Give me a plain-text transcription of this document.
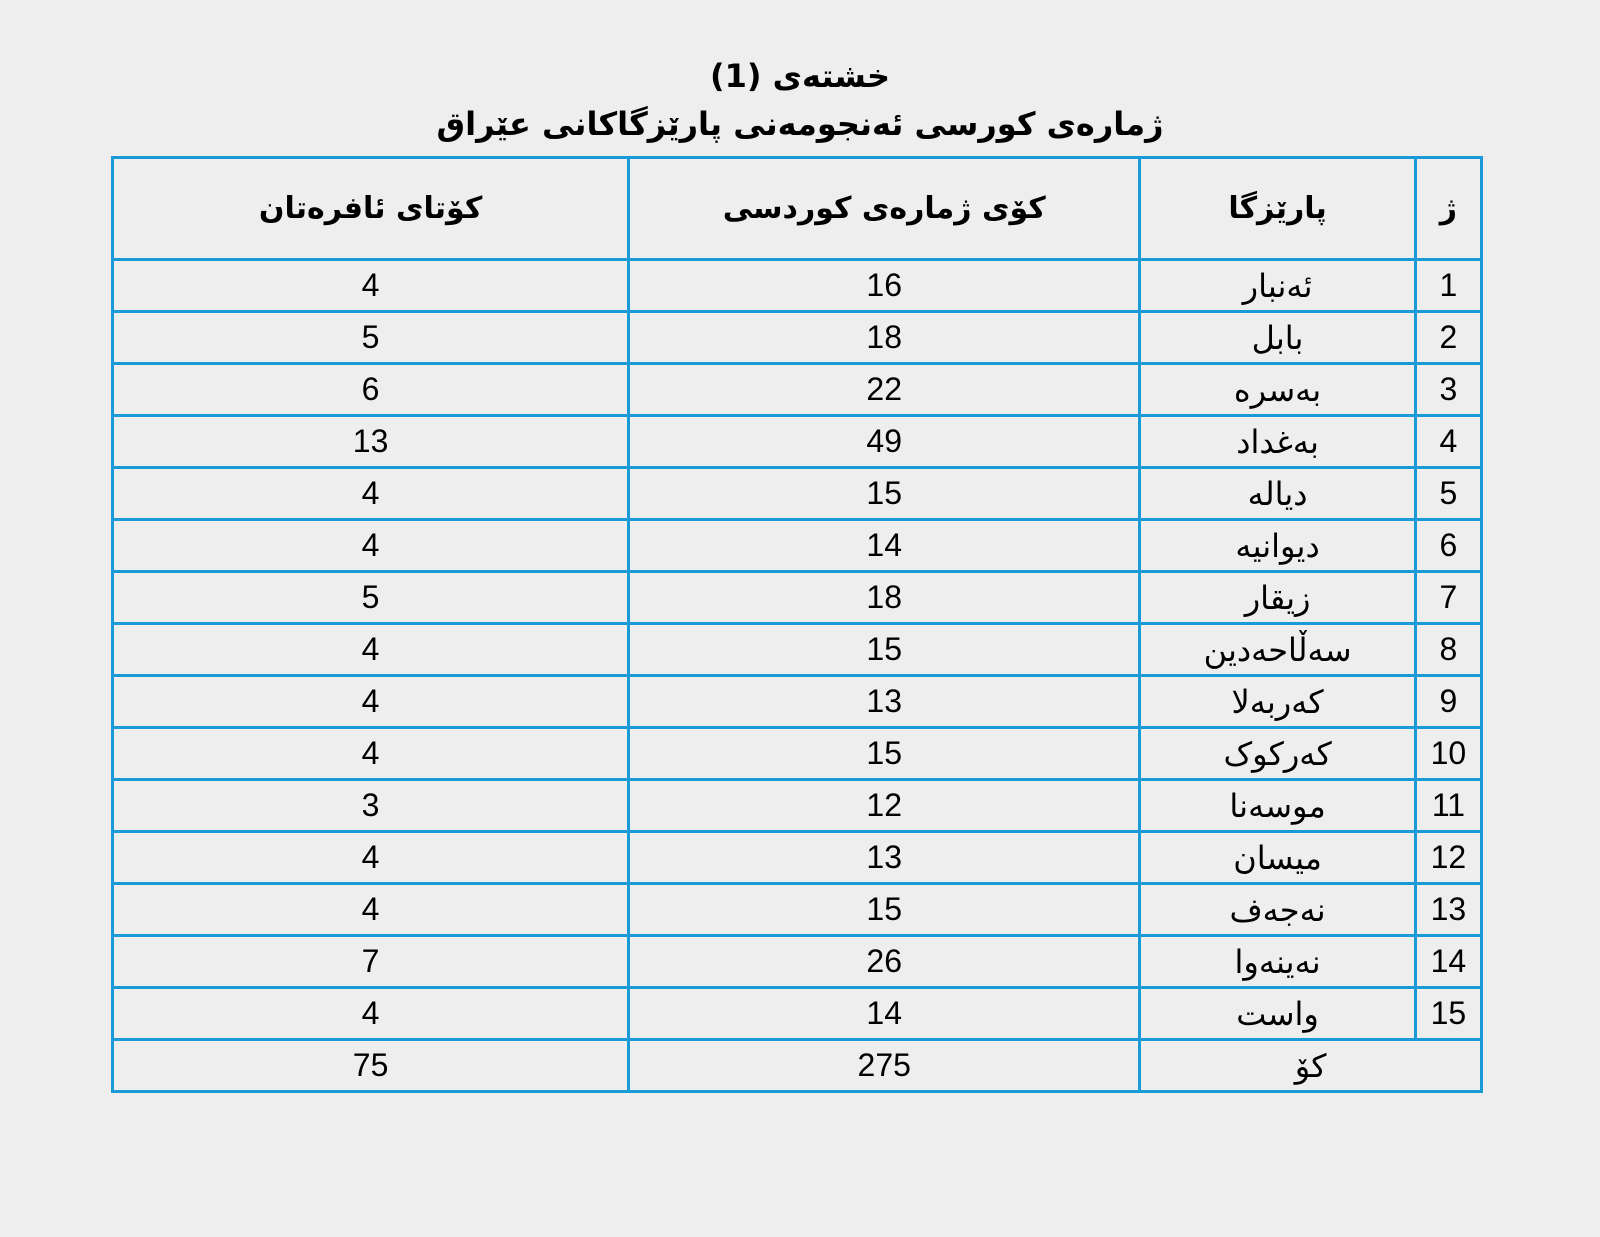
خشتەی (1)

ژمارەی کورسی ئەنجومەنی پارێزگاکانی عێراق

ژ	پارێزگا	کۆی ژمارەی کوردسی	کۆتای ئافرەتان
1	ئەنبار	16	4
2	بابل	18	5
3	بەسرە	22	6
4	بەغداد	49	13
5	دیالە	15	4
6	دیوانیە	14	4
7	زیقار	18	5
8	سەڵاحەدین	15	4
9	کەربەلا	13	4
10	کەرکوک	15	4
11	موسەنا	12	3
12	میسان	13	4
13	نەجەف	15	4
14	نەینەوا	26	7
15	واست	14	4
کۆ		275	75
